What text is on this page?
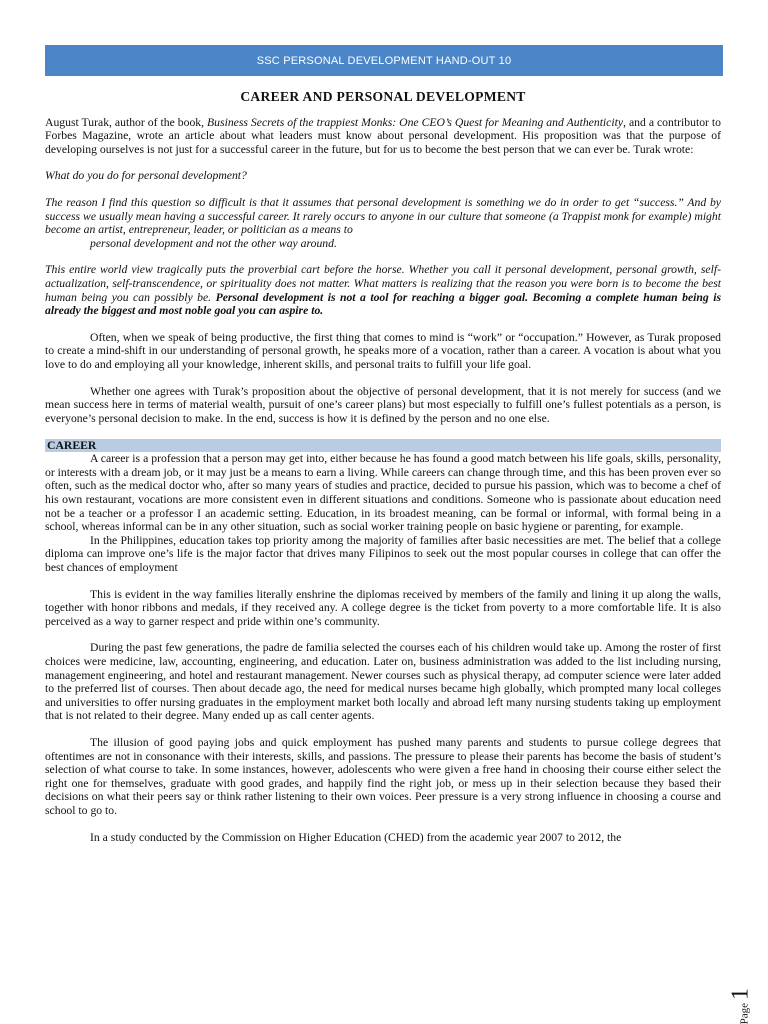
SSC PERSONAL DEVELOPMENT HAND-OUT 10
CAREER AND PERSONAL DEVELOPMENT

August Turak, author of the book, Business Secrets of the trappiest Monks: One CEO’s Quest for Meaning and Authenticity, and a contributor to Forbes Magazine, wrote an article about what leaders must know about personal development. His proposition was that the purpose of developing ourselves is not just for a successful career in the future, but for us to become the best person that we can ever be. Turak wrote:

What do you do for personal development?

The reason I find this question so difficult is that it assumes that personal development is something we do in order to get “success.” And by success we usually mean having a successful career. It rarely occurs to anyone in our culture that someone (a Trappist monk for example) might become an artist, entrepreneur, leader, or politician as a means to

personal development and not the other way around.

This entire world view tragically puts the proverbial cart before the horse. Whether you call it personal development, personal growth, self-actualization, self-transcendence, or spirituality does not matter. What matters is realizing that the reason you were born is to become the best human being you can possibly be. Personal development is not a tool for reaching a bigger goal. Becoming a complete human being is already the biggest and most noble goal you can aspire to.

Often, when we speak of being productive, the first thing that comes to mind is “work” or “occupation.” However, as Turak proposed to create a mind-shift in our understanding of personal growth, he speaks more of a vocation, rather than a career. A vocation is about what you love to do and employing all your knowledge, inherent skills, and personal traits to fulfill your life goal.

Whether one agrees with Turak’s proposition about the objective of personal development, that it is not merely for success (and we mean success here in terms of material wealth, pursuit of one’s career plans) but most especially to fulfill one’s fullest potentials as a person, is everyone’s personal decision to make. In the end, success is how it is defined by the person and no one else.

CAREER

A career is a profession that a person may get into, either because he has found a good match between his life goals, skills, personality, or interests with a dream job, or it may just be a means to earn a living. While careers can change through time, and this has been proven ever so often, such as the medical doctor who, after so many years of studies and practice, decided to pursue his passion, which was to become a chef of his own restaurant, vocations are more consistent even in different situations and conditions. Someone who is passionate about education need not be a teacher or a professor I an academic setting. Education, in its broadest meaning, can be formal or informal, with formal being in a school, whereas informal can be in any other situation, such as social worker training people on basic hygiene or parenting, for example.

In the Philippines, education takes top priority among the majority of families after basic necessities are met. The belief that a college diploma can improve one’s life is the major factor that drives many Filipinos to seek out the most popular courses in college that can offer the best chances of employment

This is evident in the way families literally enshrine the diplomas received by members of the family and lining it up along the walls, together with honor ribbons and medals, if they received any. A college degree is the ticket from poverty to a more comfortable life. It is also perceived as a way to garner respect and pride within one’s community.

During the past few generations, the padre de familia selected the courses each of his children would take up. Among the roster of first choices were medicine, law, accounting, engineering, and education. Later on, business administration was added to the list including nursing, management engineering, and hotel and restaurant management. Newer courses such as physical therapy, ad computer science were later added to the preferred list of courses. Then about decade ago, the need for medical nurses became high globally, which prompted many local colleges and universities to offer nursing graduates in the employment market both locally and abroad left many nursing students taking up employment that is not related to their degree. Many ended up as call center agents.

The illusion of good paying jobs and quick employment has pushed many parents and students to pursue college degrees that oftentimes are not in consonance with their interests, skills, and passions. The pressure to please their parents has become the basis of student’s selection of what course to take. In some instances, however, adolescents who were given a free hand in choosing their course either select the right one for themselves, graduate with good grades, and happily find the right job, or mess up in their selection because they based their decisions on what their peers say or think rather listening to their own voices. Peer pressure is a very strong influence in choosing a course and school to go to.

In a study conducted by the Commission on Higher Education (CHED) from the academic year 2007 to 2012, the

Page
1
